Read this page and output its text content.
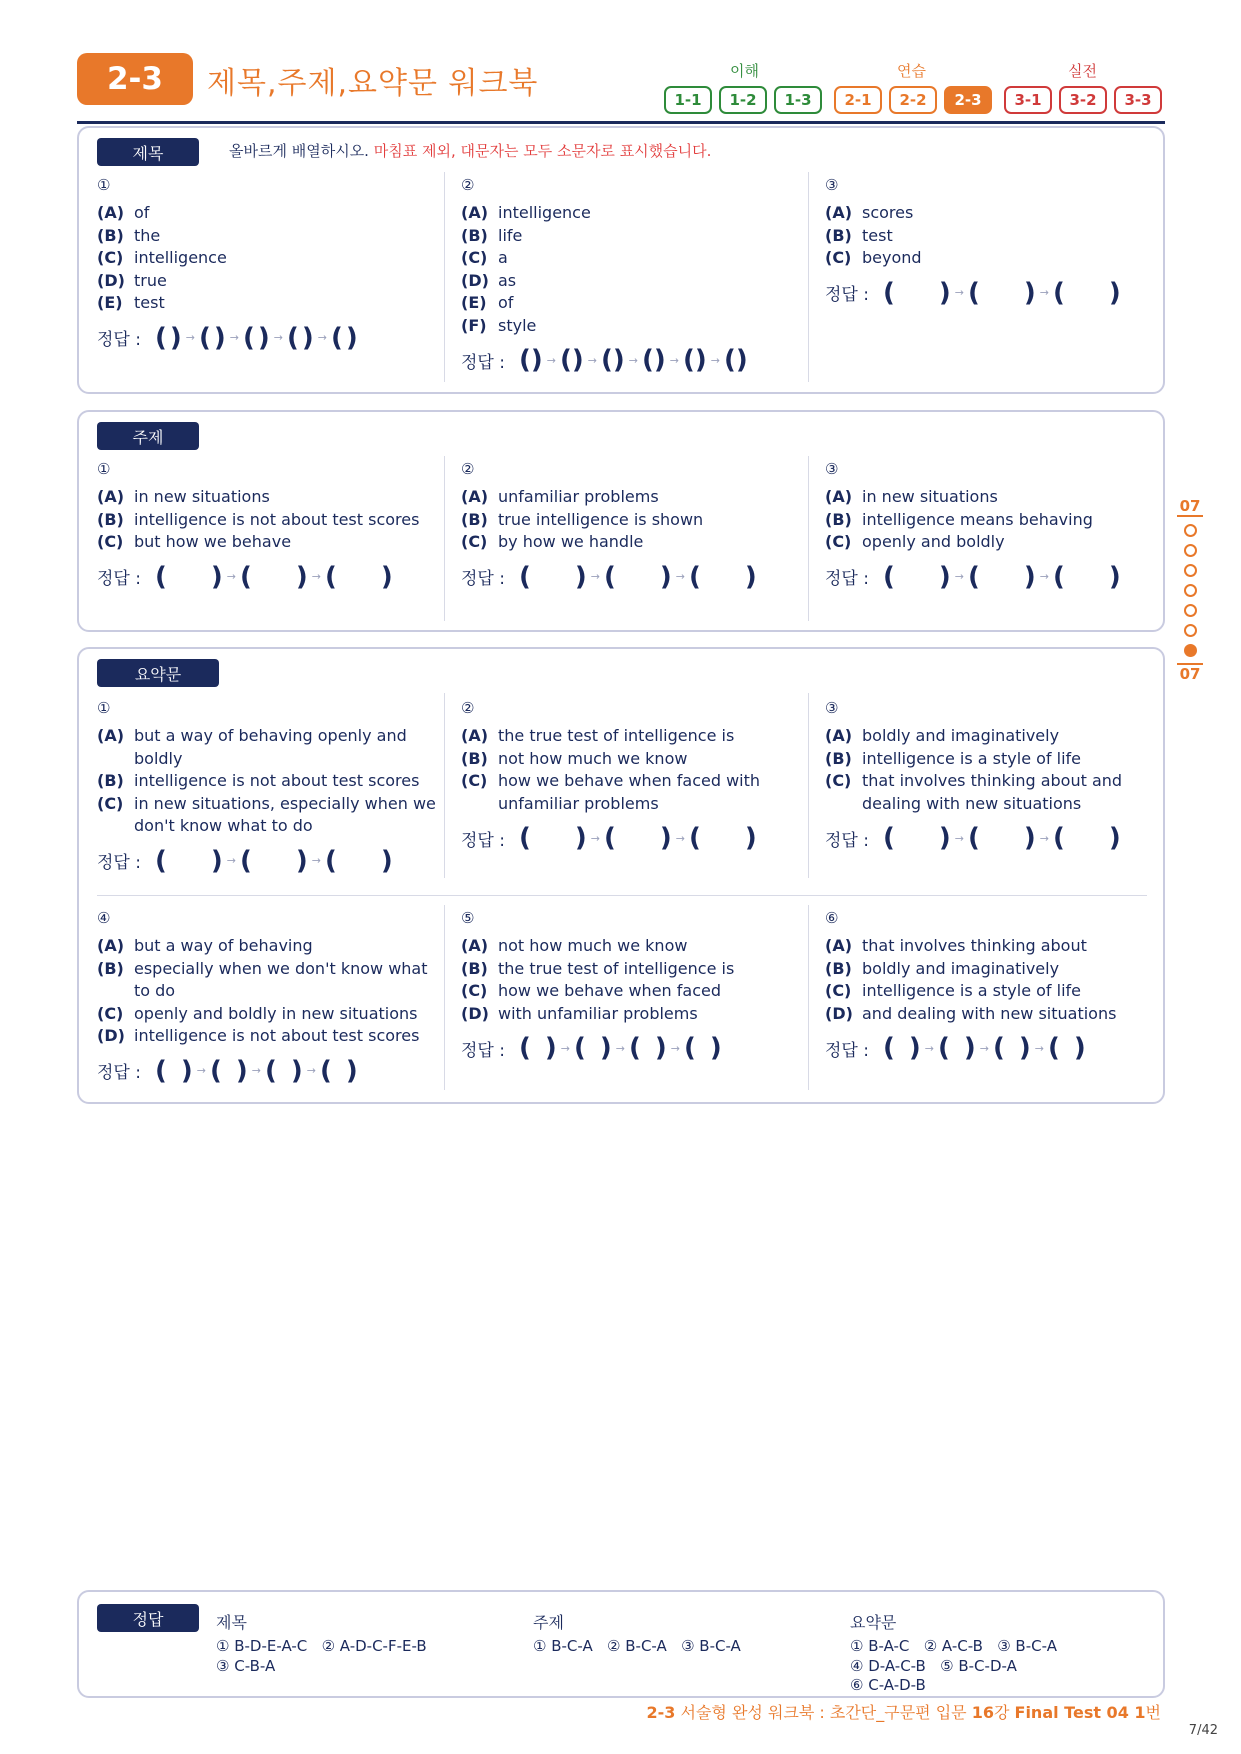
2-3	제목,주제,요약문 워크북	이해	연습	실전
1-1	1-2	1-3	2-1	2-2	2-3	3-1	3-2	3-3
제목	올바르게 배열하시오. 마침표 제외, 대문자는 모두 소문자로 표시했습니다.
①
(A) of
(B) the
(C) intelligence
(D) true
(E) test
정답 : ( ) → ( ) → ( ) → ( ) → ( )
②
(A) intelligence
(B) life
(C) a
(D) as
(E) of
(F) style
정답 : () → () → () → () → () → ()
③
(A) scores
(B) test
(C) beyond
정답 : ( ) → ( ) → ( )
주제
①
(A) in new situations
(B) intelligence is not about test scores
(C) but how we behave
정답 : ( ) → ( ) → ( )
②
(A) unfamiliar problems
(B) true intelligence is shown
(C) by how we handle
정답 : ( ) → ( ) → ( )
③
(A) in new situations
(B) intelligence means behaving
(C) openly and boldly
정답 : ( ) → ( ) → ( )
요약문
①
(A) but a way of behaving openly and boldly
(B) intelligence is not about test scores
(C) in new situations, especially when we don't know what to do
정답 : ( ) → ( ) → ( )
②
(A) the true test of intelligence is
(B) not how much we know
(C) how we behave when faced with unfamiliar problems
정답 : ( ) → ( ) → ( )
③
(A) boldly and imaginatively
(B) intelligence is a style of life
(C) that involves thinking about and dealing with new situations
정답 : ( ) → ( ) → ( )
④
(A) but a way of behaving
(B) especially when we don't know what to do
(C) openly and boldly in new situations
(D) intelligence is not about test scores
정답 : ( ) → ( ) → ( ) → ( )
⑤
(A) not how much we know
(B) the true test of intelligence is
(C) how we behave when faced
(D) with unfamiliar problems
정답 : ( ) → ( ) → ( ) → ( )
⑥
(A) that involves thinking about
(B) boldly and imaginatively
(C) intelligence is a style of life
(D) and dealing with new situations
정답 : ( ) → ( ) → ( ) → ( )
07
07
정답	제목
① B-D-E-A-C   ② A-D-C-F-E-B
③ C-B-A
주제
① B-C-A   ② B-C-A   ③ B-C-A
요약문
① B-A-C   ② A-C-B   ③ B-C-A
④ D-A-C-B   ⑤ B-C-D-A
⑥ C-A-D-B
2-3 서술형 완성 워크북 : 초간단_구문편 입문 16강 Final Test 04 1번
7/42
